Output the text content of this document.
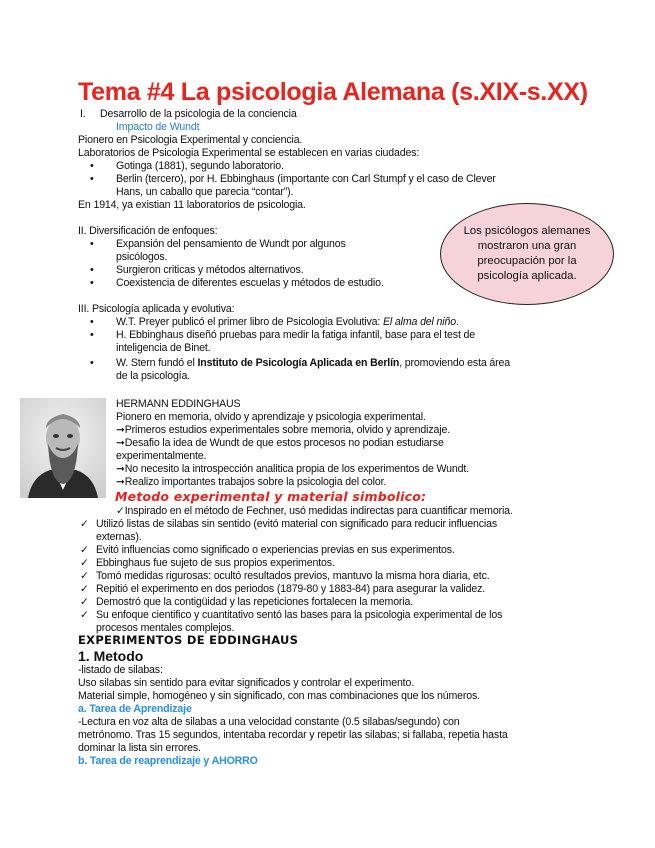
Tema #4 La psicologia Alemana (s.XIX-s.XX)
I. Desarrollo de la psicologia de la conciencia
Impacto de Wundt
Pionero en Psicologia Experimental y conciencia.
Laboratorios de Psicologia Experimental se establecen en varias ciudades:
• Gotinga (1881), segundo laboratorio.
• Berlin (tercero), por H. Ebbinghaus (importante con Carl Stumpf y el caso de Clever
Hans, un caballo que parecia “contar”).
En 1914, ya existian 11 laboratorios de psicologia.
II. Diversificación de enfoques:
• Expansión del pensamiento de Wundt por algunos
psicólogos.
• Surgieron criticas y métodos alternativos.
• Coexistencia de diferentes escuelas y métodos de estudio.
Los psicólogos alemanes mostraron una gran preocupación por la psicología aplicada.
III. Psicología aplicada y evolutiva:
• W.T. Preyer publicó el primer libro de Psicologia Evolutiva: El alma del niño.
• H. Ebbinghaus diseñó pruebas para medir la fatiga infantil, base para el test de
inteligencia de Binet.
• W. Stern fundó el Instituto de Psicología Aplicada en Berlín, promoviendo esta área
de la psicología.
HERMANN EDDINGHAUS
Pionero en memoria, olvido y aprendizaje y psicologia experimental.
➞Primeros estudios experimentales sobre memoria, olvido y aprendizaje.
➞Desafio la idea de Wundt de que estos procesos no podian estudiarse
experimentalmente.
➞No necesito la introspección analitica propia de los experimentos de Wundt.
➞Realizo importantes trabajos sobre la psicologia del color.
Metodo experimental y material simbolico:
✓Inspirado en el método de Fechner, usó medidas indirectas para cuantificar memoria.
✓ Utilizó listas de silabas sin sentido (evitó material con significado para reducir influencias
externas).
✓ Evitó influencias como significado o experiencias previas en sus experimentos.
✓ Ebbinghaus fue sujeto de sus propios experimentos.
✓ Tomó medidas rigurosas: ocultó resultados previos, mantuvo la misma hora diaria, etc.
✓ Repitió el experimento en dos periodos (1879-80 y 1883-84) para asegurar la validez.
✓ Demostró que la contigüidad y las repeticiones fortalecen la memoria.
✓ Su enfoque cientifico y cuantitativo sentó las bases para la psicologia experimental de los
procesos mentales complejos.
EXPERIMENTOS DE EDDINGHAUS
1. Metodo
-listado de silabas:
Uso silabas sin sentido para evitar significados y controlar el experimento.
Material simple, homogéneo y sin significado, con mas combinaciones que los números.
a. Tarea de Aprendizaje
-Lectura en voz alta de silabas a una velocidad constante (0.5 silabas/segundo) con
metrónomo. Tras 15 segundos, intentaba recordar y repetir las silabas; si fallaba, repetia hasta
dominar la lista sin errores.
b. Tarea de reaprendizaje y AHORRO
